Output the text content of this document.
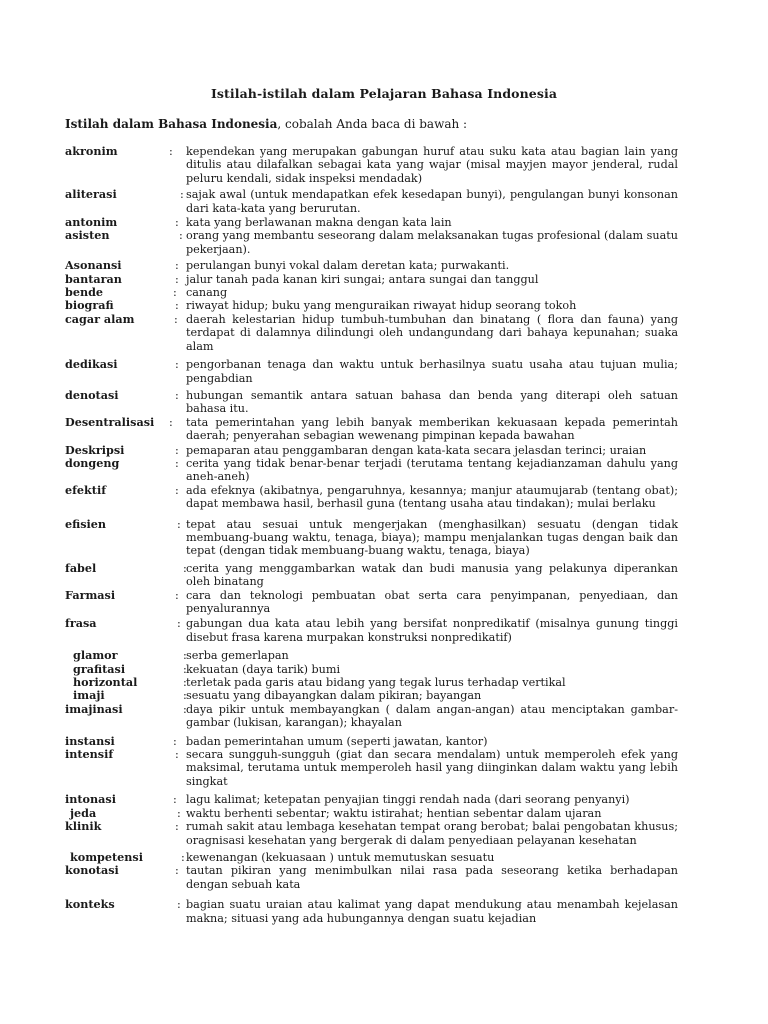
Istilah-istilah dalam Pelajaran Bahasa Indonesia
Istilah dalam Bahasa Indonesia, cobalah Anda baca di bawah :
akronim	: kependekan yang merupakan gabungan huruf atau suku kata atau bagian lain yang ditulis atau dilafalkan sebagai kata yang wajar (misal mayjen mayor jenderal, rudal peluru kendali, sidak inspeksi mendadak)
aliterasi	: sajak awal (untuk mendapatkan efek kesedapan bunyi), pengulangan bunyi konsonan dari kata-kata yang berurutan.
antonim	: kata yang berlawanan makna dengan kata lain
asisten	: orang yang membantu seseorang dalam melaksanakan tugas profesional (dalam suatu pekerjaan).
Asonansi	: perulangan bunyi vokal dalam deretan kata; purwakanti.
bantaran	: jalur tanah pada kanan kiri sungai; antara sungai dan tanggul
bende	: canang
biografi	: riwayat hidup; buku yang menguraikan riwayat hidup seorang tokoh
cagar alam	: daerah kelestarian hidup tumbuh-tumbuhan dan binatang ( flora dan fauna) yang terdapat di dalamnya dilindungi oleh undangundang dari bahaya kepunahan; suaka alam
dedikasi	: pengorbanan tenaga dan waktu untuk berhasilnya suatu usaha atau tujuan mulia; pengabdian
denotasi	: hubungan semantik antara satuan bahasa dan benda yang diterapi oleh satuan bahasa itu.
Desentralisasi : tata pemerintahan yang lebih banyak memberikan kekuasaan kepada pemerintah daerah; penyerahan sebagian wewenang pimpinan kepada bawahan
Deskripsi	: pemaparan atau penggambaran dengan kata-kata secara jelasdan terinci; uraian
dongeng	: cerita yang tidak benar-benar terjadi (terutama tentang kejadianzaman dahulu yang aneh-aneh)
efektif	: ada efeknya (akibatnya, pengaruhnya, kesannya; manjur ataumujarab (tentang obat); dapat membawa hasil, berhasil guna (tentang usaha atau tindakan); mulai berlaku
efisien	: tepat atau sesuai untuk mengerjakan (menghasilkan) sesuatu (dengan tidak membuang-buang waktu, tenaga, biaya); mampu menjalankan tugas dengan baik dan tepat (dengan tidak membuang-buang waktu, tenaga, biaya)
fabel	: cerita yang menggambarkan watak dan budi manusia yang pelakunya diperankan oleh binatang
Farmasi	: cara dan teknologi pembuatan obat serta cara penyimpanan, penyediaan, dan penyalurannya
frasa	: gabungan dua kata atau lebih yang bersifat nonpredikatif (misalnya gunung tinggi disebut frasa karena murpakan konstruksi nonpredikatif)
glamor	: serba gemerlapan
grafitasi	: kekuatan (daya tarik) bumi
horizontal	: terletak pada garis atau bidang yang tegak lurus terhadap vertikal
imaji	: sesuatu yang dibayangkan dalam pikiran; bayangan
imajinasi	: daya pikir untuk membayangkan ( dalam angan-angan) atau menciptakan gambar-gambar (lukisan, karangan); khayalan
instansi	: badan pemerintahan umum (seperti jawatan, kantor)
intensif	: secara sungguh-sungguh (giat dan secara mendalam) untuk memperoleh efek yang maksimal, terutama untuk memperoleh hasil yang diinginkan dalam waktu yang lebih singkat
intonasi	: lagu kalimat; ketepatan penyajian tinggi rendah nada (dari seorang penyanyi)
jeda	: waktu berhenti sebentar; waktu istirahat; hentian sebentar dalam ujaran
klinik	: rumah sakit atau lembaga kesehatan tempat orang berobat; balai pengobatan khusus; oragnisasi kesehatan yang bergerak di dalam penyediaan pelayanan kesehatan
kompetensi	: kewenangan (kekuasaan ) untuk memutuskan sesuatu
konotasi	: tautan pikiran yang menimbulkan nilai rasa pada seseorang ketika berhadapan dengan sebuah kata
konteks	: bagian suatu uraian atau kalimat yang dapat mendukung atau menambah kejelasan makna; situasi yang ada hubungannya dengan suatu kejadian
